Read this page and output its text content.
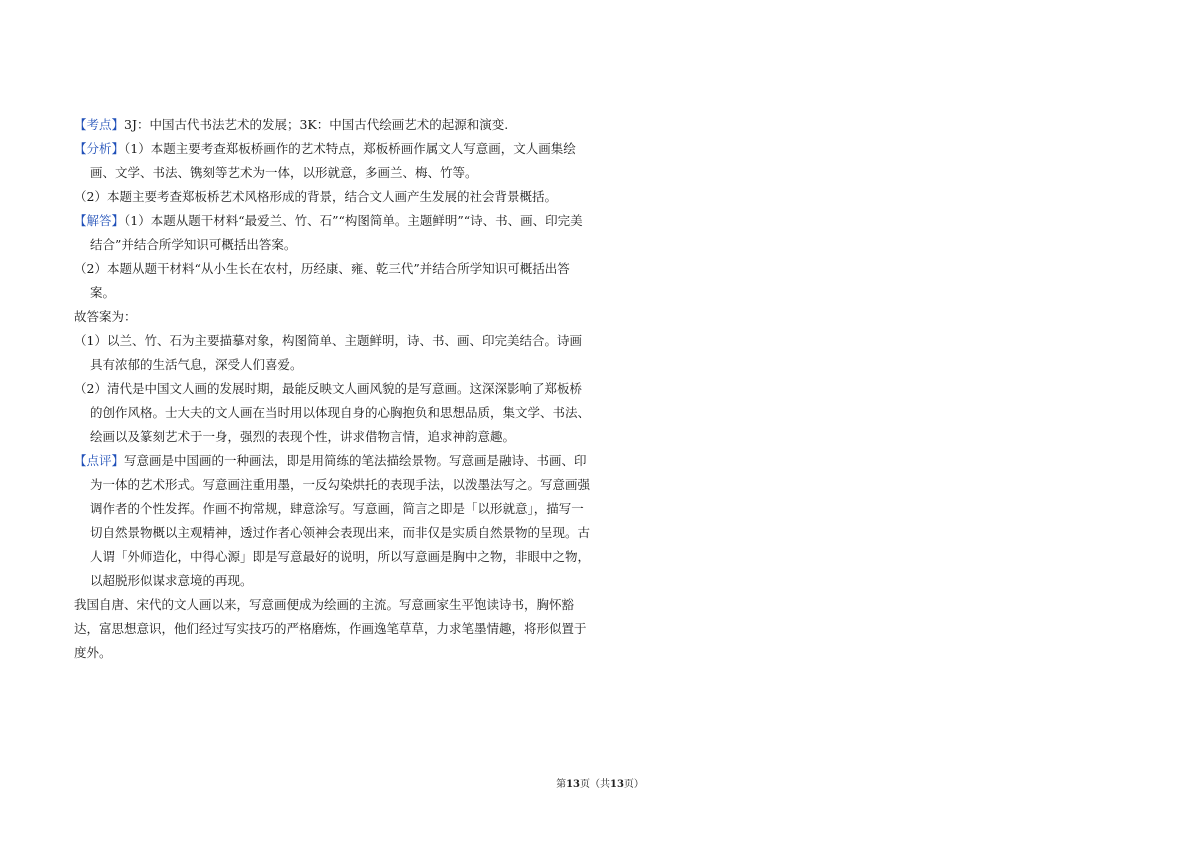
【考点】3J：中国古代书法艺术的发展；3K：中国古代绘画艺术的起源和演变.

【分析】（1）本题主要考查郑板桥画作的艺术特点，郑板桥画作属文人写意画，文人画集绘画、文学、书法、镌刻等艺术为一体，以形就意，多画兰、梅、竹等。

（2）本题主要考查郑板桥艺术风格形成的背景，结合文人画产生发展的社会背景概括。

【解答】（1）本题从题干材料“最爱兰、竹、石”“构图简单。主题鲜明”“诗、书、画、印完美结合”并结合所学知识可概括出答案。

（2）本题从题干材料“从小生长在农村，历经康、雍、乾三代”并结合所学知识可概括出答案。

故答案为：

（1）以兰、竹、石为主要描摹对象，构图简单、主题鲜明，诗、书、画、印完美结合。诗画具有浓郁的生活气息，深受人们喜爱。

（2）清代是中国文人画的发展时期，最能反映文人画风貌的是写意画。这深深影响了郑板桥的创作风格。士大夫的文人画在当时用以体现自身的心胸抱负和思想品质，集文学、书法、绘画以及篆刻艺术于一身，强烈的表现个性，讲求借物言情，追求神韵意趣。

【点评】写意画是中国画的一种画法，即是用简练的笔法描绘景物。写意画是融诗、书画、印为一体的艺术形式。写意画注重用墨，一反勾染烘托的表现手法，以泼墨法写之。写意画强调作者的个性发挥。作画不拘常规，肆意涂写。写意画，简言之即是「以形就意」，描写一切自然景物概以主观精神，透过作者心领神会表现出来，而非仅是实质自然景物的呈现。古人谓「外师造化，中得心源」即是写意最好的说明，所以写意画是胸中之物，非眼中之物，以超脱形似谋求意境的再现。

我国自唐、宋代的文人画以来，写意画便成为绘画的主流。写意画家生平饱读诗书，胸怀豁达，富思想意识，他们经过写实技巧的严格磨炼，作画逸笔草草，力求笔墨情趣，将形似置于度外。

第13页（共13页）
